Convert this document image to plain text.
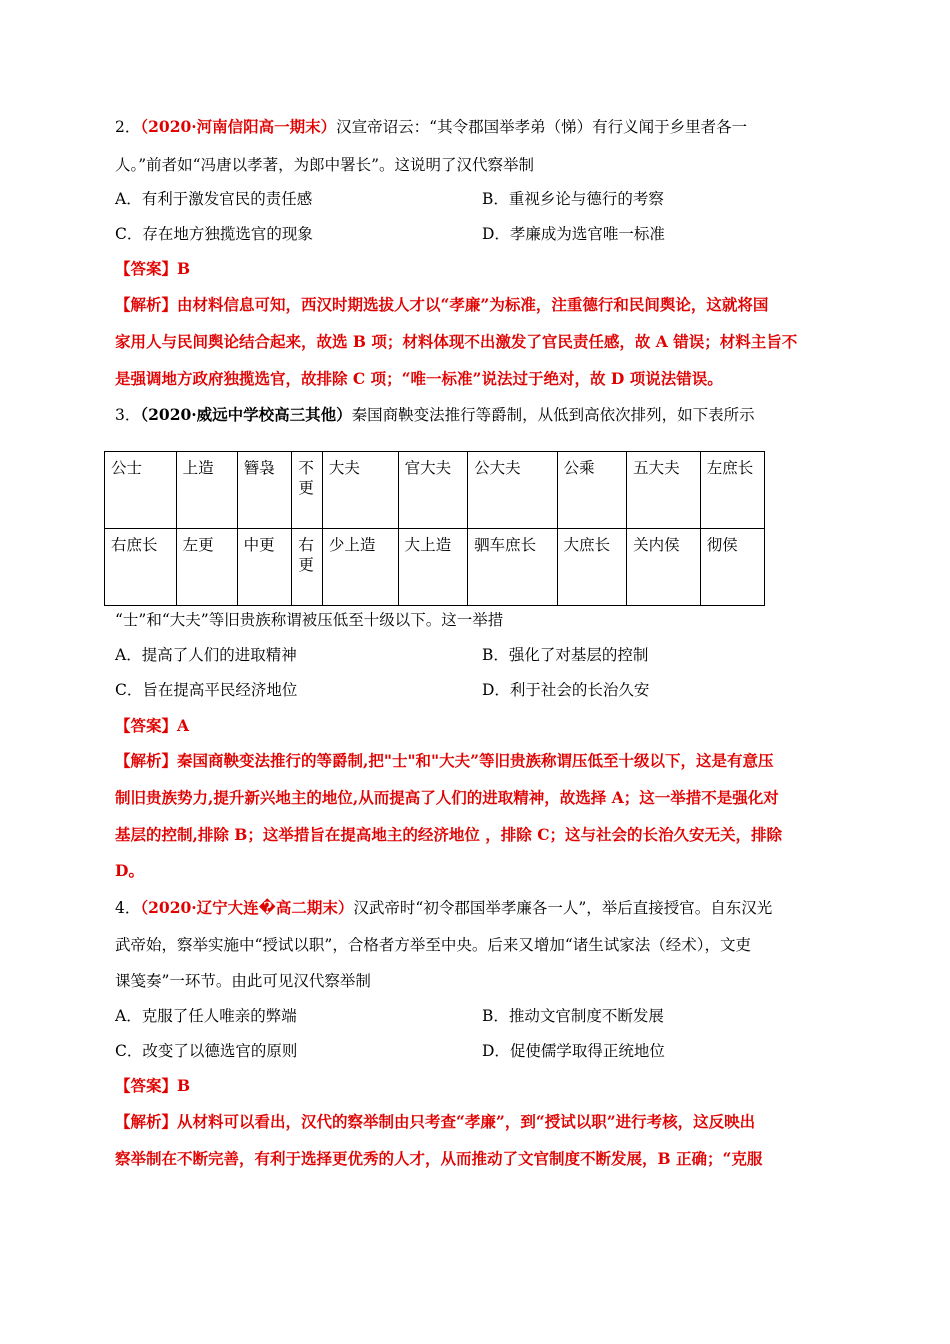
2．（2020·河南信阳高一期末）汉宣帝诏云：“其令郡国举孝弟（悌）有行义闻于乡里者各一
人。”前者如“冯唐以孝著，为郎中署长”。这说明了汉代察举制
A．有利于激发官民的责任感	B．重视乡论与德行的考察
C．存在地方独揽选官的现象	D．孝廉成为选官唯一标准
【答案】B
【解析】由材料信息可知，西汉时期选拔人才以“孝廉”为标准，注重德行和民间舆论，这就将国
家用人与民间舆论结合起来，故选 B 项；材料体现不出激发了官民责任感，故 A 错误；材料主旨不
是强调地方政府独揽选官，故排除 C 项；“唯一标准”说法过于绝对，故 D 项说法错误。
3．（2020·威远中学校高三其他）秦国商鞅变法推行等爵制，从低到高依次排列，如下表所示
公士	上造	簪袅	不更	大夫	官大夫	公大夫	公乘	五大夫	左庶长
右庶长	左更	中更	右更	少上造	大上造	驷车庶长	大庶长	关内侯	彻侯
“士”和“大夫”等旧贵族称谓被压低至十级以下。这一举措
A．提高了人们的进取精神	B．强化了对基层的控制
C．旨在提高平民经济地位	D．利于社会的长治久安
【答案】A
【解析】秦国商鞅变法推行的等爵制,把"士"和"大夫”等旧贵族称谓压低至十级以下，这是有意压
制旧贵族势力,提升新兴地主的地位,从而提高了人们的进取精神，故选择 A；这一举措不是强化对
基层的控制,排除 B；这举措旨在提高地主的经济地位 ，排除 C；这与社会的长治久安无关，排除
D。
4．（2020·辽宁大连�高二期末）汉武帝时“初令郡国举孝廉各一人”，举后直接授官。自东汉光
武帝始，察举实施中“授试以职”，合格者方举至中央。后来又增加“诸生试家法（经术），文吏
课笺奏”一环节。由此可见汉代察举制
A．克服了任人唯亲的弊端	B．推动文官制度不断发展
C．改变了以德选官的原则	D．促使儒学取得正统地位
【答案】B
【解析】从材料可以看出，汉代的察举制由只考查“孝廉”，到“授试以职”进行考核，这反映出
察举制在不断完善，有利于选择更优秀的人才，从而推动了文官制度不断发展，B 正确；“克服
